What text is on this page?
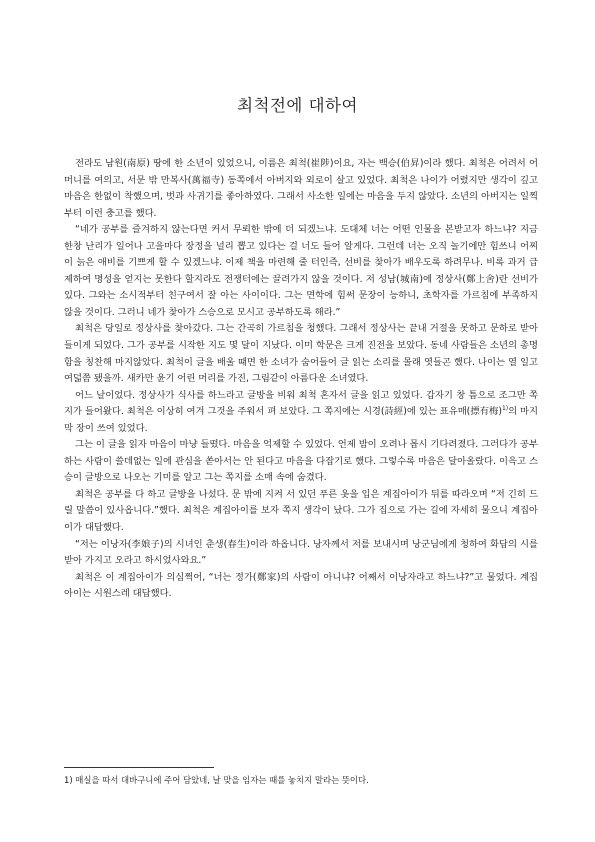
최척전에 대하여

전라도 남원(南原) 땅에 한 소년이 있었으니, 이름은 최척(崔陟)이요, 자는 백승(伯昇)이라 했다. 최척은 어려서 어머니를 여의고, 서문 밖 만복사(萬福寺) 동쪽에서 아버지와 외로이 살고 있었다. 최척은 나이가 어렸지만 생각이 깊고 마음은 한없이 착했으며, 벗과 사귀기를 좋아하였다. 그래서 사소한 일에는 마음을 두지 않았다. 소년의 아버지는 일찍부터 이런 충고를 했다.

“네가 공부를 즐겨하지 않는다면 커서 무뢰한 밖에 더 되겠느냐. 도대체 너는 어떤 인물을 본받고자 하느냐? 지금 한창 난리가 일어나 고을마다 장정을 널리 뽑고 있다는 걸 너도 들어 알게다. 그런데 너는 오직 놀기에만 힘쓰니 어찌 이 늙은 애비를 기쁘게 할 수 있겠느냐. 이제 책을 마련해 줄 터인즉, 선비를 찾아가 배우도록 하려무나. 비록 과거 급제하여 명성을 얻지는 못한다 할지라도 전쟁터에는 끌려가지 않을 것이다. 저 성남(城南)에 정상사(鄭上舍)란 선비가 있다. 그와는 소시적부터 친구여서 잘 아는 사이이다. 그는 면학에 힘써 문장이 능하니, 초학자를 가르침에 부족하지 않을 것이다. 그러니 네가 찾아가 스승으로 모시고 공부하도록 해라.”

최척은 당일로 정상사를 찾아갔다. 그는 간곡히 가르침을 청했다. 그래서 정상사는 끝내 거절을 못하고 문하로 받아들이게 되었다. 그가 공부를 시작한 지도 몇 달이 지났다. 이미 학문은 크게 진전을 보았다. 동네 사람들은 소년의 총명함을 칭찬해 마지않았다. 최척이 글을 배울 때면 한 소녀가 숨어들어 글 읽는 소리를 몰래 엿들곤 했다. 나이는 열 일고여덟쯤 됐을까. 새카만 윤기 어린 머리를 가진, 그림같이 아름다운 소녀였다.

어느 날이었다. 정상사가 식사를 하느라고 글방을 비워 최척 혼자서 글을 읽고 있었다. 갑자기 창 틈으로 조그만 쪽지가 들어왔다. 최척은 이상히 여겨 그것을 주워서 펴 보았다. 그 쪽지에는 시경(詩經)에 있는 표유매(摽有梅)$^{1)}$의 마지막 장이 쓰여 있었다.

그는 이 글을 읽자 마음이 마냥 들떴다. 마음을 억제할 수 있었다. 언제 밤이 오려나 몹시 기다려졌다. 그러다가 공부하는 사람이 쓸데없는 일에 관심을 쏟아서는 안 된다고 마음을 다잡기로 했다. 그렇수록 마음은 달아올랐다. 이윽고 스승이 글방으로 나오는 기미를 알고 그는 쪽지를 소매 속에 숨겼다.

최척은 공부를 다 하고 글방을 나섰다. 문 밖에 지켜 서 있던 푸른 옷을 입은 계집아이가 뒤를 따라오며 “저 긴히 드릴 말씀이 있사옵니다.”했다. 최척은 계집아이를 보자 쪽지 생각이 났다. 그가 집으로 가는 길에 자세히 물으니 계집아이가 대답했다.

“저는 이낭자(李娘子)의 시녀인 춘생(春生)이라 하옵니다. 낭자께서 저를 보내시며 낭군님에게 청하여 화답의 시를 받아 가지고 오라고 하시었사와요.”

최척은 이 계집아이가 의심쩍어, “너는 정가(鄭家)의 사람이 아니냐? 어째서 이낭자라고 하느냐?”고 물었다. 계집아이는 시원스레 대답했다.

1) 매실을 따서 대바구니에 주어 담았네, 날 맞을 임자는 때를 놓치지 말라는 뜻이다.
